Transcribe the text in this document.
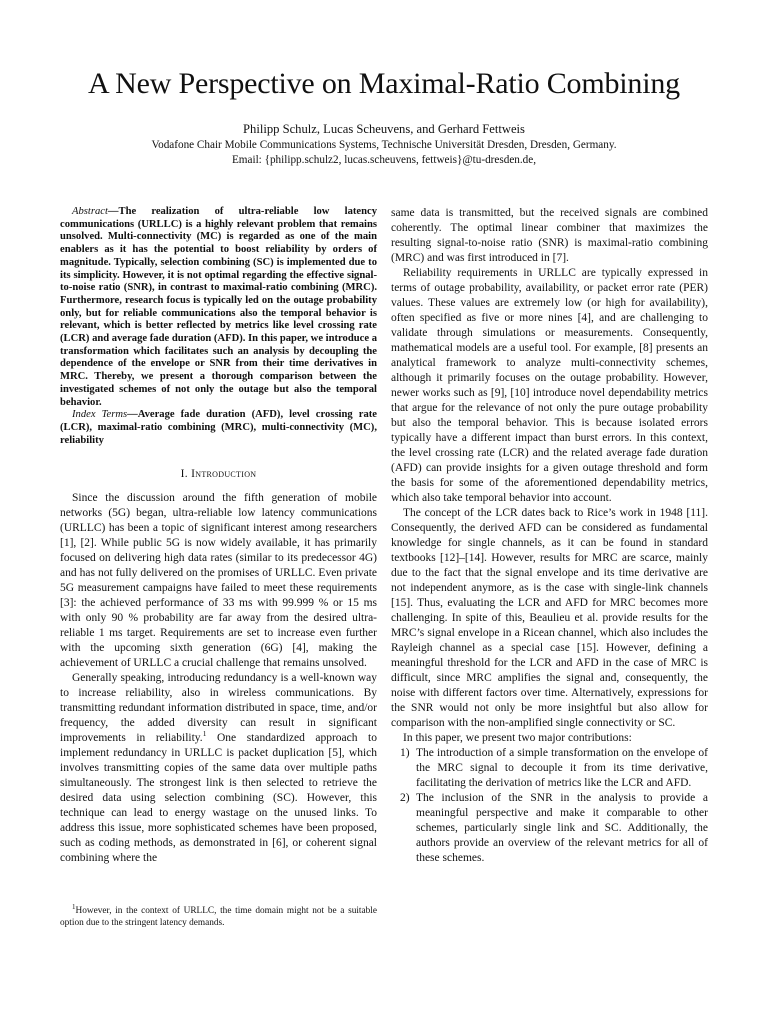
A New Perspective on Maximal-Ratio Combining
Philipp Schulz, Lucas Scheuvens, and Gerhard Fettweis
Vodafone Chair Mobile Communications Systems, Technische Universität Dresden, Dresden, Germany.
Email: {philipp.schulz2, lucas.scheuvens, fettweis}@tu-dresden.de,

Abstract—The realization of ultra-reliable low latency communications (URLLC) is a highly relevant problem that remains unsolved. Multi-connectivity (MC) is regarded as one of the main enablers as it has the potential to boost reliability by orders of magnitude. Typically, selection combining (SC) is implemented due to its simplicity. However, it is not optimal regarding the effective signal-to-noise ratio (SNR), in contrast to maximal-ratio combining (MRC). Furthermore, research focus is typically led on the outage probability only, but for reliable communications also the temporal behavior is relevant, which is better reflected by metrics like level crossing rate (LCR) and average fade duration (AFD). In this paper, we introduce a transformation which facilitates such an analysis by decoupling the dependence of the envelope or SNR from their time derivatives in MRC. Thereby, we present a thorough comparison between the investigated schemes of not only the outage but also the temporal behavior.

Index Terms—Average fade duration (AFD), level crossing rate (LCR), maximal-ratio combining (MRC), multi-connectivity (MC), reliability

I. Introduction

Since the discussion around the fifth generation of mobile networks (5G) began, ultra-reliable low latency communications (URLLC) has been a topic of significant interest among researchers [1], [2]. While public 5G is now widely available, it has primarily focused on delivering high data rates (similar to its predecessor 4G) and has not fully delivered on the promises of URLLC. Even private 5G measurement campaigns have failed to meet these requirements [3]: the achieved performance of 33 ms with 99.999 % or 15 ms with only 90 % probability are far away from the desired ultra-reliable 1 ms target. Requirements are set to increase even further with the upcoming sixth generation (6G) [4], making the achievement of URLLC a crucial challenge that remains unsolved.

Generally speaking, introducing redundancy is a well-known way to increase reliability, also in wireless communications. By transmitting redundant information distributed in space, time, and/or frequency, the added diversity can result in significant improvements in reliability.$^1$ One standardized approach to implement redundancy in URLLC is packet duplication [5], which involves transmitting copies of the same data over multiple paths simultaneously. The strongest link is then selected to retrieve the desired data using selection combining (SC). However, this technique can lead to energy wastage on the unused links. To address this issue, more sophisticated schemes have been proposed, such as coding methods, as demonstrated in [6], or coherent signal combining where the

$^1$However, in the context of URLLC, the time domain might not be a suitable option due to the stringent latency demands.

same data is transmitted, but the received signals are combined coherently. The optimal linear combiner that maximizes the resulting signal-to-noise ratio (SNR) is maximal-ratio combining (MRC) and was first introduced in [7].

Reliability requirements in URLLC are typically expressed in terms of outage probability, availability, or packet error rate (PER) values. These values are extremely low (or high for availability), often specified as five or more nines [4], and are challenging to validate through simulations or measurements. Consequently, mathematical models are a useful tool. For example, [8] presents an analytical framework to analyze multi-connectivity schemes, although it primarily focuses on the outage probability. However, newer works such as [9], [10] introduce novel dependability metrics that argue for the relevance of not only the pure outage probability but also the temporal behavior. This is because isolated errors typically have a different impact than burst errors. In this context, the level crossing rate (LCR) and the related average fade duration (AFD) can provide insights for a given outage threshold and form the basis for some of the aforementioned dependability metrics, which also take temporal behavior into account.

The concept of the LCR dates back to Rice’s work in 1948 [11]. Consequently, the derived AFD can be considered as fundamental knowledge for single channels, as it can be found in standard textbooks [12]–[14]. However, results for MRC are scarce, mainly due to the fact that the signal envelope and its time derivative are not independent anymore, as is the case with single-link channels [15]. Thus, evaluating the LCR and AFD for MRC becomes more challenging. In spite of this, Beaulieu et al. provide results for the MRC’s signal envelope in a Ricean channel, which also includes the Rayleigh channel as a special case [15]. However, defining a meaningful threshold for the LCR and AFD in the case of MRC is difficult, since MRC amplifies the signal and, consequently, the noise with different factors over time. Alternatively, expressions for the SNR would not only be more insightful but also allow for comparison with the non-amplified single connectivity or SC.

In this paper, we present two major contributions:

1) The introduction of a simple transformation on the envelope of the MRC signal to decouple it from its time derivative, facilitating the derivation of metrics like the LCR and AFD.
2) The inclusion of the SNR in the analysis to provide a meaningful perspective and make it comparable to other schemes, particularly single link and SC. Additionally, the authors provide an overview of the relevant metrics for all of these schemes.
